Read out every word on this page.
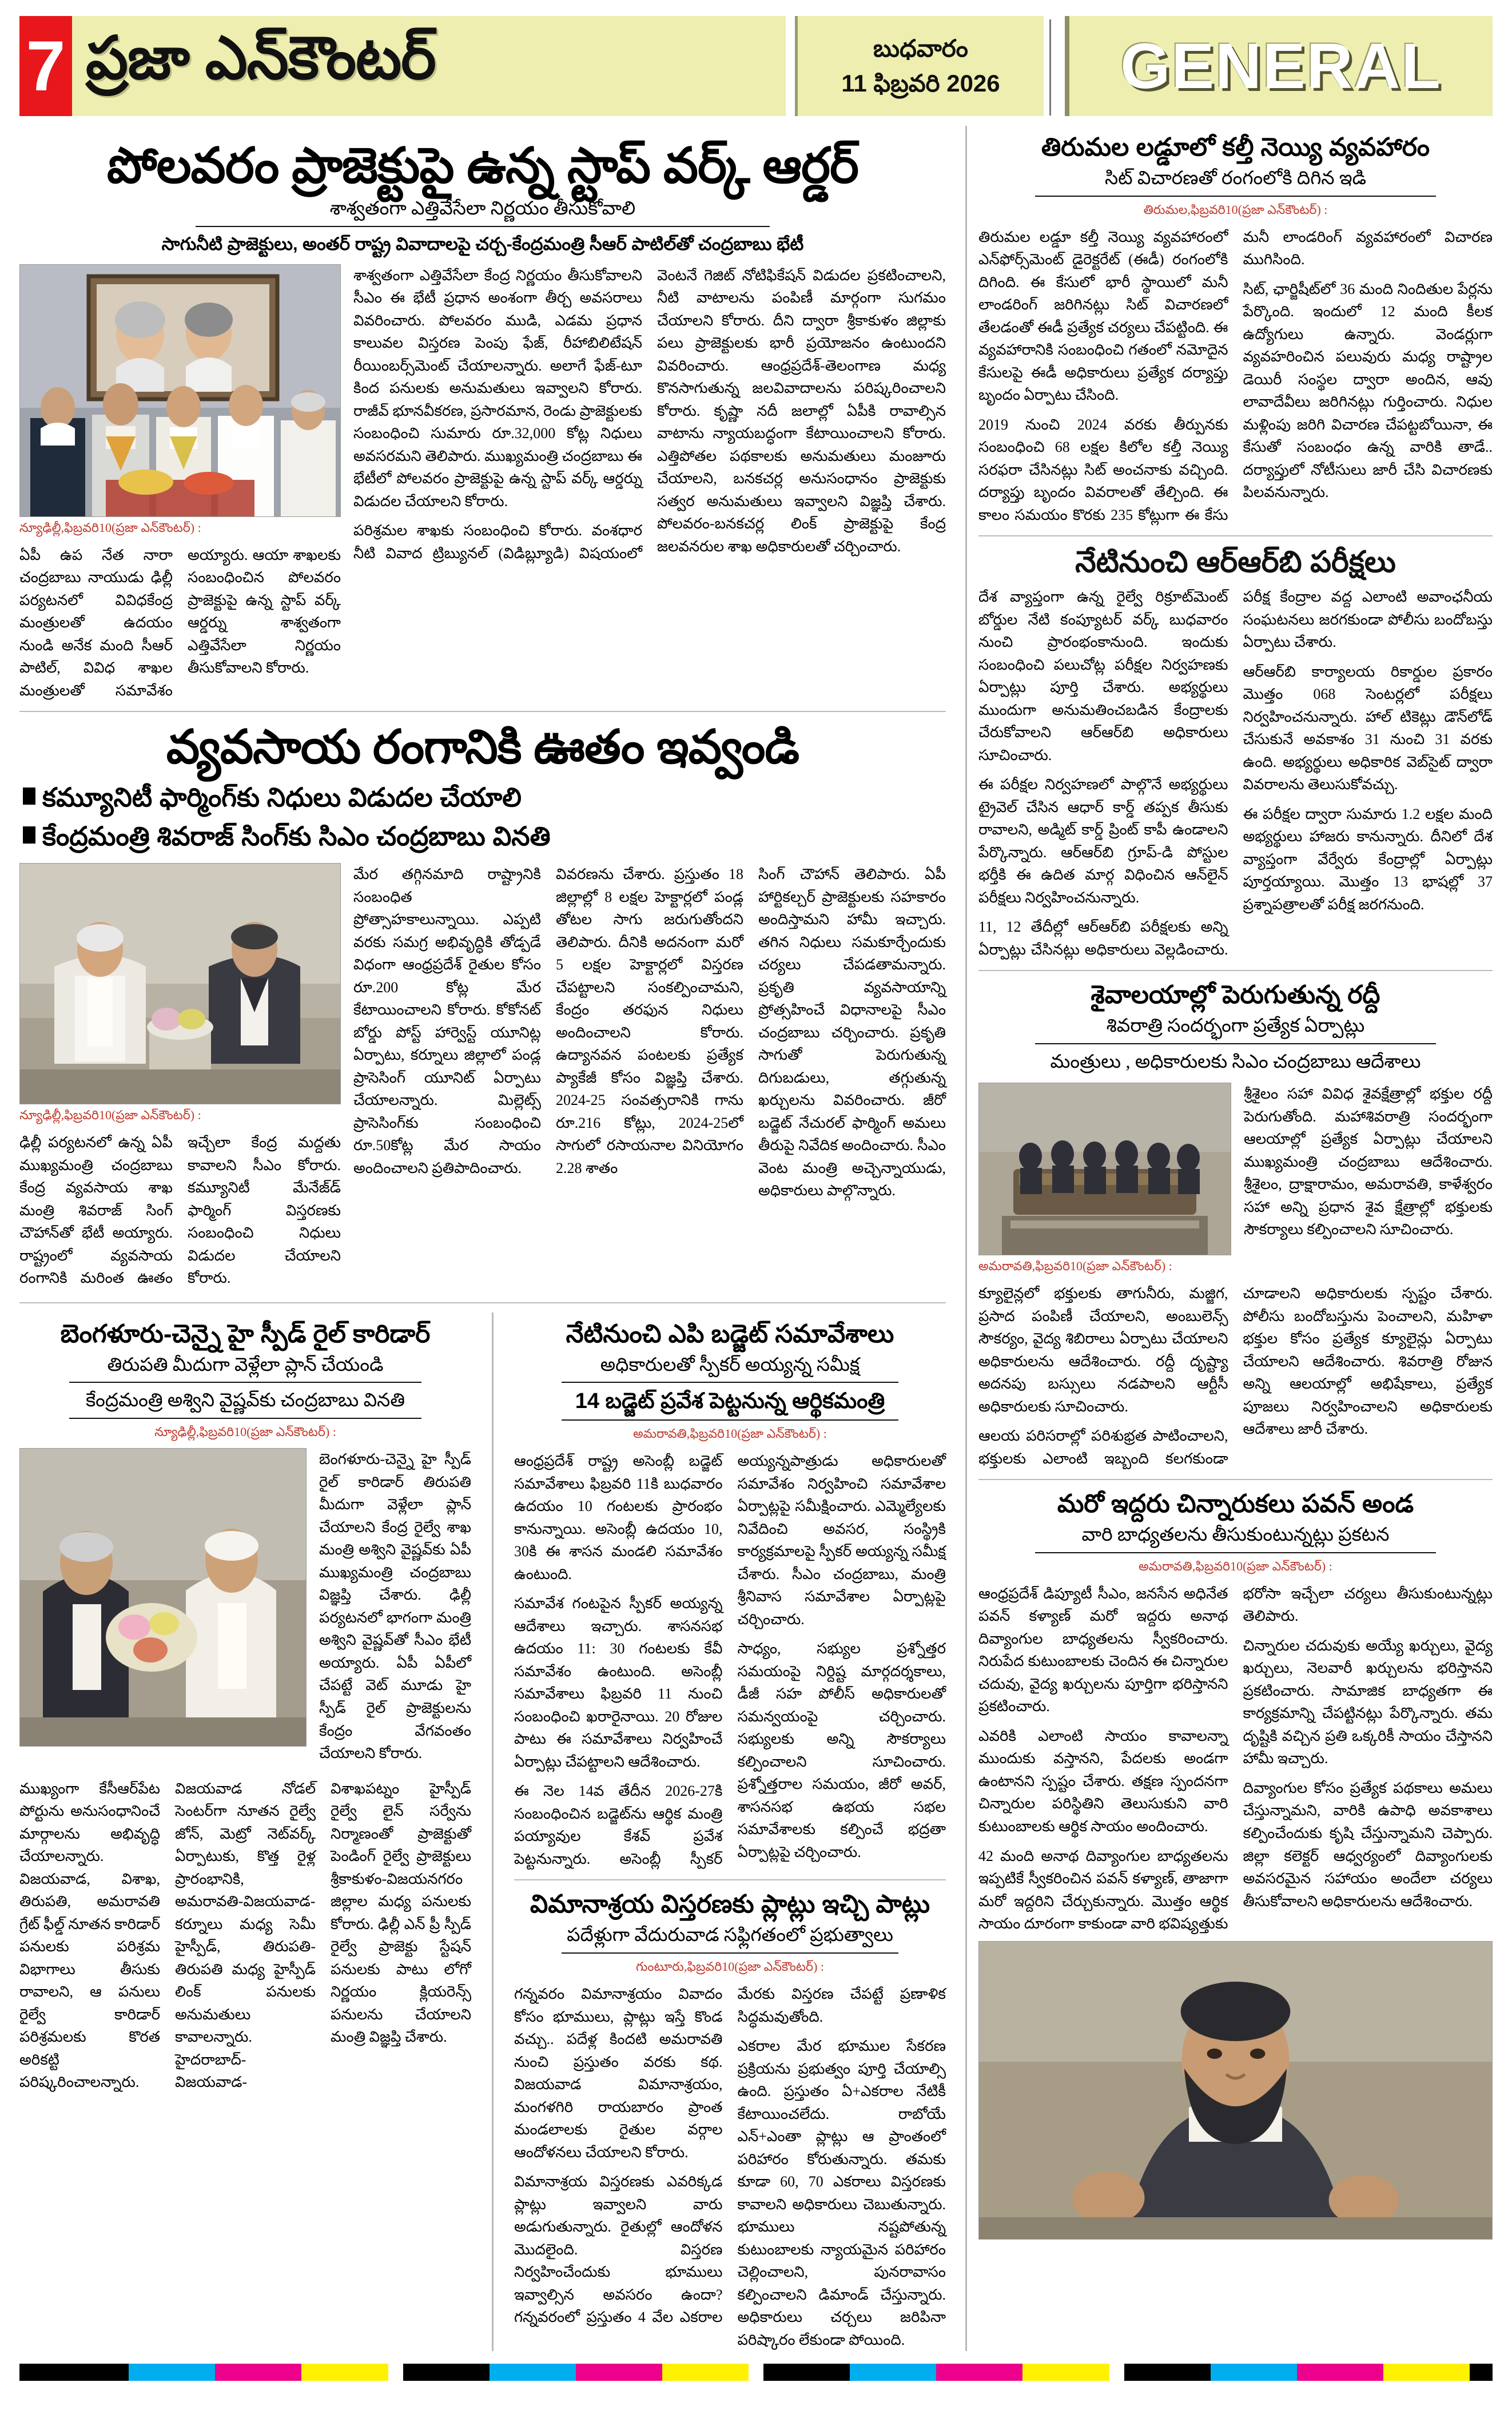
7 ప్రజా ఎన్‌కౌంటర్	బుధవారం
11 ఫిబ్రవరి 2026 GENERAL
పోలవరం ప్రాజెక్టుపై ఉన్న స్టాప్ వర్క్ ఆర్డర్
శాశ్వతంగా ఎత్తివేసేలా నిర్ణయం తీసుకోవాలి
సాగునీటి ప్రాజెక్టులు, అంతర్ రాష్ట్ర వివాదాలపై చర్చ-కేంద్రమంత్రి సీఆర్ పాటిల్‌తో చంద్రబాబు భేటీ
న్యూఢిల్లీ,ఫిబ్రవరి10(ప్రజా ఎన్‌కౌంటర్) :

ఏపీ ఉప నేత నారా చంద్రబాబు నాయుడు ఢిల్లీ పర్యటనలో వివిధకేంద్ర మంత్రులతో ఉదయం నుండి అనేక మంది సీఆర్ పాటిల్, వివిధ శాఖల మంత్రులతో సమావేశం అయ్యారు. ఆయా శాఖలకు సంబంధించిన పోలవరం ప్రాజెక్టుపై ఉన్న స్టాప్ వర్క్ ఆర్డర్ను శాశ్వతంగా ఎత్తివేసేలా నిర్ణయం తీసుకోవాలని కోరారు.

శాశ్వతంగా ఎత్తివేసేలా కేంద్ర నిర్ణయం తీసుకోవాలని సీఎం ఈ భేటీ ప్రధాన అంశంగా తీర్చ అవసరాలు వివరించారు. పోలవరం ముడి, ఎడమ ప్రధాన కాలువల విస్తరణ పెంపు ఫేజ్, రీహాబిలిటేషన్ రీయింబర్స్‌మెంట్ చేయాలన్నారు. అలాగే ఫేజ్-టూ కింద పనులకు అనుమతులు ఇవ్వాలని కోరారు. రాజీవ్ భూనవీకరణ, ప్రసారమాన, రెండు ప్రాజెక్టులకు సంబంధించి సుమారు రూ.32,000 కోట్ల నిధులు అవసరమని తెలిపారు. ముఖ్యమంత్రి చంద్రబాబు ఈ భేటీలో పోలవరం ప్రాజెక్టుపై ఉన్న స్టాప్ వర్క్ ఆర్డర్ను విడుదల చేయాలని కోరారు.

పరిశ్రమల శాఖకు సంబంధించి కోరారు. వంశధార నీటి వివాద ట్రిబ్యునల్ (విడిబ్ల్యూడి) విషయంలో వెంటనే గెజిట్ నోటిఫికేషన్ విడుదల ప్రకటించాలని, నీటి వాటాలను పంపిణీ మార్గంగా సుగమం చేయాలని కోరారు. దీని ద్వారా శ్రీకాకుళం జిల్లాకు పలు ప్రాజెక్టులకు భారీ ప్రయోజనం ఉంటుందని వివరించారు. ఆంధ్రప్రదేశ్-తెలంగాణ మధ్య కొనసాగుతున్న జలవివాదాలను పరిష్కరించాలని కోరారు. కృష్ణా నదీ జలాల్లో ఏపీకి రావాల్సిన వాటాను న్యాయబద్ధంగా కేటాయించాలని కోరారు. ఎత్తిపోతల పథకాలకు అనుమతులు మంజూరు చేయాలని, బనకచర్ల అనుసంధానం ప్రాజెక్టుకు సత్వర అనుమతులు ఇవ్వాలని విజ్ఞప్తి చేశారు. పోలవరం-బనకచర్ల లింక్ ప్రాజెక్టుపై కేంద్ర జలవనరుల శాఖ అధికారులతో చర్చించారు.

వ్యవసాయ రంగానికి ఊతం ఇవ్వండి
కమ్యూనిటీ ఫార్మింగ్‌కు నిధులు విడుదల చేయాలి
కేంద్రమంత్రి శివరాజ్ సింగ్‌కు సిఎం చంద్రబాబు వినతి
న్యూఢిల్లీ,ఫిబ్రవరి10(ప్రజా ఎన్‌కౌంటర్) :

ఢిల్లీ పర్యటనలో ఉన్న ఏపీ ముఖ్యమంత్రి చంద్రబాబు కేంద్ర వ్యవసాయ శాఖ మంత్రి శివరాజ్ సింగ్ చౌహాన్‌తో భేటీ అయ్యారు. రాష్ట్రంలో వ్యవసాయ రంగానికి మరింత ఊతం ఇచ్చేలా కేంద్ర మద్దతు కావాలని సీఎం కోరారు. కమ్యూనిటీ మేనేజ్‌డ్ ఫార్మింగ్ విస్తరణకు సంబంధించి నిధులు విడుదల చేయాలని కోరారు.

మేర తగ్గినమాది రాష్ట్రానికి సంబంధిత ప్రోత్సాహకాలున్నాయి. ఎప్పటి వరకు సమగ్ర అభివృద్ధికి తోడ్పడే విధంగా ఆంధ్రప్రదేశ్ రైతుల కోసం రూ.200 కోట్ల మేర కేటాయించాలని కోరారు. కోకోనట్ బోర్డు పోస్ట్ హార్వెస్ట్ యూనిట్ల ఏర్పాటు, కర్నూలు జిల్లాలో పండ్ల ప్రాసెసింగ్ యూనిట్ ఏర్పాటు చేయాలన్నారు. మిల్లెట్స్ ప్రాసెసింగ్‌కు సంబంధించి రూ.50కోట్ల మేర సాయం అందించాలని ప్రతిపాదించారు.

వివరణను చేశారు. ప్రస్తుతం 18 జిల్లాల్లో 8 లక్షల హెక్టార్లలో పండ్ల తోటల సాగు జరుగుతోందని తెలిపారు. దీనికి అదనంగా మరో 5 లక్షల హెక్టార్లలో విస్తరణ చేపట్టాలని సంకల్పించామని, కేంద్రం తరఫున నిధులు అందించాలని కోరారు. ఉద్యానవన పంటలకు ప్రత్యేక ప్యాకేజీ కోసం విజ్ఞప్తి చేశారు. 2024-25 సంవత్సరానికి గాను రూ.216 కోట్లు, 2024-25లో సాగులో రసాయనాల వినియోగం 2.28 శాతం

సింగ్ చౌహాన్ తెలిపారు. ఏపీ హార్టికల్చర్ ప్రాజెక్టులకు సహకారం అందిస్తామని హామీ ఇచ్చారు. తగిన నిధులు సమకూర్చేందుకు చర్యలు చేపడతామన్నారు. ప్రకృతి వ్యవసాయాన్ని ప్రోత్సహించే విధానాలపై సీఎం చంద్రబాబు చర్చించారు. ప్రకృతి సాగుతో పెరుగుతున్న దిగుబడులు, తగ్గుతున్న ఖర్చులను వివరించారు. జీరో బడ్జెట్ నేచురల్ ఫార్మింగ్ అమలు తీరుపై నివేదిక అందించారు. సీఎం వెంట మంత్రి అచ్చెన్నాయుడు, అధికారులు పాల్గొన్నారు.

బెంగళూరు-చెన్నై హై స్పీడ్ రైల్ కారిడార్
తిరుపతి మీదుగా వెళ్లేలా ప్లాన్ చేయండి
కేంద్రమంత్రి అశ్విని వైష్ణవ్‌కు చంద్రబాబు వినతి
న్యూఢిల్లీ,ఫిబ్రవరి10(ప్రజా ఎన్‌కౌంటర్) :

బెంగళూరు-చెన్నై హై స్పీడ్ రైల్ కారిడార్ తిరుపతి మీదుగా వెళ్లేలా ప్లాన్ చేయాలని కేంద్ర రైల్వే శాఖ మంత్రి అశ్విని వైష్ణవ్‌కు ఏపీ ముఖ్యమంత్రి చంద్రబాబు విజ్ఞప్తి చేశారు. ఢిల్లీ పర్యటనలో భాగంగా మంత్రి అశ్విని వైష్ణవ్‌తో సీఎం భేటీ అయ్యారు. ఏపీ ఏపీలో చేపట్టే వెట్ మూడు హై స్పీడ్ రైల్ ప్రాజెక్టులను కేంద్రం వేగవంతం చేయాలని కోరారు.

ముఖ్యంగా కేసీఆర్‌పేట పోర్టును అనుసంధానించే మార్గాలను అభివృద్ధి చేయాలన్నారు. విజయవాడ, విశాఖ, తిరుపతి, అమరావతి గ్రేట్ ఫీల్డ్ నూతన కారిడార్ పనులకు పరిశ్రమ విభాగాలు తీసుకు రావాలని, ఆ పనులు రైల్వే కారిడార్ పరిశ్రమలకు కొరత అరికట్టి పరిష్కరించాలన్నారు. విజయవాడ నోడల్ సెంటర్‌గా నూతన రైల్వే జోన్, మెట్రో నెట్‌వర్క్ ఏర్పాటుకు, కొత్త రైళ్ల ప్రారంభానికి, అమరావతి-విజయవాడ-కర్నూలు మధ్య సెమీ హైస్పీడ్, తిరుపతి-తిరుపతి మధ్య హైస్పీడ్ లింక్ పనులకు అనుమతులు కావాలన్నారు. హైదరాబాద్-విజయవాడ-విశాఖపట్నం హైస్పీడ్ రైల్వే లైన్ సర్వేను నిర్మాణంతో ప్రాజెక్టుతో పెండింగ్ రైల్వే ప్రాజెక్టులు శ్రీకాకుళం-విజయనగరం జిల్లాల మధ్య పనులకు కోరారు. ఢిల్లీ ఎన్ ప్రీ స్పీడ్ రైల్వే ప్రాజెక్టు స్టేషన్ పనులకు పాటు లోగో నిర్ణయం క్లియరెన్స్ పనులను చేయాలని మంత్రి విజ్ఞప్తి చేశారు.

నేటినుంచి ఎపి బడ్జెట్ సమావేశాలు
అధికారులతో స్పీకర్ అయ్యన్న సమీక్ష
14 బడ్జెట్ ప్రవేశ పెట్టనున్న ఆర్థికమంత్రి
అమరావతి,ఫిబ్రవరి10(ప్రజా ఎన్‌కౌంటర్) :

ఆంధ్రప్రదేశ్ రాష్ట్ర అసెంబ్లీ బడ్జెట్ సమావేశాలు ఫిబ్రవరి 11కి బుధవారం ఉదయం 10 గంటలకు ప్రారంభం కానున్నాయి. అసెంబ్లీ ఉదయం 10, 30కి ఈ శాసన మండలి సమావేశం ఉంటుంది.

సమావేశ గంటపైన స్పీకర్ అయ్యన్న ఆదేశాలు ఇచ్చారు. శాసనసభ ఉదయం 11: 30 గంటలకు కేవీ సమావేశం ఉంటుంది. అసెంబ్లీ సమావేశాలు ఫిబ్రవరి 11 నుంచి సంబంధించి ఖరారైనాయి. 20 రోజుల పాటు ఈ సమావేశాలు నిర్వహించే ఏర్పాట్లు చేపట్టాలని ఆదేశించారు.

ఈ నెల 14వ తేదీన 2026-27కి సంబంధించిన బడ్జెట్‌ను ఆర్థిక మంత్రి పయ్యావుల కేశవ్ ప్రవేశ పెట్టనున్నారు. అసెంబ్లీ స్పీకర్ అయ్యన్నపాత్రుడు అధికారులతో సమావేశం నిర్వహించి సమావేశాల ఏర్పాట్లపై సమీక్షించారు. ఎమ్మెల్యేలకు నివేదించి అవసర, సంస్థ్రికి కార్యక్రమాలపై స్పీకర్ అయ్యన్న సమీక్ష చేశారు. సీఎం చంద్రబాబు, మంత్రి శ్రీనివాస సమావేశాల ఏర్పాట్లపై చర్చించారు.

సాధ్యం, సభ్యుల ప్రశ్నోత్తర సమయంపై నిర్దిష్ట మార్గదర్శకాలు, డీజీ సహ పోలీస్ అధికారులతో సమన్వయంపై చర్చించారు. సభ్యులకు అన్ని సౌకర్యాలు కల్పించాలని సూచించారు. ప్రశ్నోత్తరాల సమయం, జీరో అవర్, శాసనసభ ఉభయ సభల సమావేశాలకు కల్పించే భద్రతా ఏర్పాట్లపై చర్చించారు.

విమానాశ్రయ విస్తరణకు ప్లాట్లు ఇచ్చి పాట్లు
పదేళ్లుగా వేదురువాడ సఫ్లిగతంలో ప్రభుత్వాలు
గుంటూరు,ఫిబ్రవరి10(ప్రజా ఎన్‌కౌంటర్) :

గన్నవరం విమానాశ్రయం వివాదం కోసం భూములు, ప్లాట్లు ఇస్తే కొండ వచ్చు.. పదేళ్ల కిందటి అమరావతి నుంచి ప్రస్తుతం వరకు కథ. విజయవాడ విమానాశ్రయం, మంగళగిరి రాయబారం ప్రాంత మండలాలకు రైతుల వర్గాల ఆందోళనలు చేయాలని కోరారు.

విమానాశ్రయ విస్తరణకు ఎవరిక్కడ ప్లాట్లు ఇవ్వాలని వారు అడుగుతున్నారు. రైతుల్లో ఆందోళన మొదలైంది. విస్తరణ నిర్వహించేందుకు భూములు ఇవ్వాల్సిన అవసరం ఉందా? గన్నవరంలో ప్రస్తుతం 4 వేల ఎకరాల మేరకు విస్తరణ చేపట్టే ప్రణాళిక సిద్ధమవుతోంది.

ఎకరాల మేర భూముల సేకరణ ప్రక్రియను ప్రభుత్వం పూర్తి చేయాల్సి ఉంది. ప్రస్తుతం ఏ+ఎకరాల నేటికీ కేటాయించలేదు. రాబోయే ఎన్+ఎంతా ప్లాట్లు ఆ ప్రాంతంలో పరిహారం కోరుతున్నారు. తమకు కూడా 60, 70 ఎకరాలు విస్తరణకు కావాలని అధికారులు చెబుతున్నారు. భూములు నష్టపోతున్న కుటుంబాలకు న్యాయమైన పరిహారం చెల్లించాలని, పునరావాసం కల్పించాలని డిమాండ్ చేస్తున్నారు. అధికారులు చర్చలు జరిపినా పరిష్కారం లేకుండా పోయింది.

తిరుమల లడ్డూలో కల్తీ నెయ్యి వ్యవహారం
సిట్ విచారణతో రంగంలోకి దిగిన ఇడి
తిరుమల,ఫిబ్రవరి10(ప్రజా ఎన్‌కౌంటర్) :

తిరుమల లడ్డూ కల్తీ నెయ్యి వ్యవహారంలో ఎన్‌ఫోర్స్‌మెంట్ డైరెక్టరేట్ (ఈడీ) రంగంలోకి దిగింది. ఈ కేసులో భారీ స్థాయిలో మనీ లాండరింగ్ జరిగినట్లు సిట్ విచారణలో తేలడంతో ఈడీ ప్రత్యేక చర్యలు చేపట్టింది. ఈ వ్యవహారానికి సంబంధించి గతంలో నమోదైన కేసులపై ఈడీ అధికారులు ప్రత్యేక దర్యాప్తు బృందం ఏర్పాటు చేసింది.

2019 నుంచి 2024 వరకు తీర్పునకు సంబంధించి 68 లక్షల కిలోల కల్తీ నెయ్యి సరఫరా చేసినట్లు సిట్ అంచనాకు వచ్చింది. దర్యాప్తు బృందం వివరాలతో తేల్చింది. ఈ కాలం సమయం కొరకు 235 కోట్లుగా ఈ కేసు మనీ లాండరింగ్ వ్యవహారంలో విచారణ ముగిసింది.

సిట్, ఛార్జిషీట్‌లో 36 మంది నిందితుల పేర్లను పేర్కొంది. ఇందులో 12 మంది కీలక ఉద్యోగులు ఉన్నారు. వెండర్లుగా వ్యవహరించిన పలువురు మధ్య రాష్ట్రాల డెయిరీ సంస్థల ద్వారా అందిన, ఆవు లావాదేవీలు జరిగినట్లు గుర్తించారు. నిధుల మళ్లింపు జరిగి విచారణ చేపట్టబోయినా, ఈ కేసుతో సంబంధం ఉన్న వారికి తాడే.. దర్యాప్తులో నోటీసులు జారీ చేసి విచారణకు పిలవనున్నారు.

నేటినుంచి ఆర్‌ఆర్‌బి పరీక్షలు

దేశ వ్యాప్తంగా ఉన్న రైల్వే రిక్రూట్‌మెంట్ బోర్డుల నేటి కంప్యూటర్ వర్క్ బుధవారం నుంచి ప్రారంభంకానుంది. ఇందుకు సంబంధించి పలుచోట్ల పరీక్షల నిర్వహణకు ఏర్పాట్లు పూర్తి చేశారు. అభ్యర్థులు ముందుగా అనుమతించబడిన కేంద్రాలకు చేరుకోవాలని ఆర్‌ఆర్‌బి అధికారులు సూచించారు.

ఈ పరీక్షల నిర్వహణలో పాల్గొనే అభ్యర్థులు ట్రైవెల్ చేసిన ఆధార్ కార్డ్ తప్పక తీసుకు రావాలని, అడ్మిట్ కార్డ్ ప్రింట్ కాపీ ఉండాలని పేర్కొన్నారు. ఆర్‌ఆర్‌బి గ్రూప్-డి పోస్టుల భర్తీకి ఈ ఉదిత మార్గ విధించిన ఆన్‌లైన్ పరీక్షలు నిర్వహించనున్నారు.

11, 12 తేదీల్లో ఆర్‌ఆర్‌బి పరీక్షలకు అన్ని ఏర్పాట్లు చేసినట్లు అధికారులు వెల్లడించారు. పరీక్ష కేంద్రాల వద్ద ఎలాంటి అవాంఛనీయ సంఘటనలు జరగకుండా పోలీసు బందోబస్తు ఏర్పాటు చేశారు.

ఆర్‌ఆర్‌బి కార్యాలయ రికార్డుల ప్రకారం మొత్తం 068 సెంటర్లలో పరీక్షలు నిర్వహించనున్నారు. హాల్ టికెట్లు డౌన్‌లోడ్ చేసుకునే అవకాశం 31 నుంచి 31 వరకు ఉంది. అభ్యర్థులు అధికారిక వెబ్‌సైట్ ద్వారా వివరాలను తెలుసుకోవచ్చు.

ఈ పరీక్షల ద్వారా సుమారు 1.2 లక్షల మంది అభ్యర్థులు హాజరు కానున్నారు. దీనిలో దేశ వ్యాప్తంగా వేర్వేరు కేంద్రాల్లో ఏర్పాట్లు పూర్తయ్యాయి. మొత్తం 13 భాషల్లో 37 ప్రశ్నాపత్రాలతో పరీక్ష జరగనుంది.

శైవాలయాల్లో పెరుగుతున్న రద్దీ
శివరాత్రి సందర్భంగా ప్రత్యేక ఏర్పాట్లు
మంత్రులు , అధికారులకు సిఎం చంద్రబాబు ఆదేశాలు
అమరావతి,ఫిబ్రవరి10(ప్రజా ఎన్‌కౌంటర్) :

శ్రీశైలం సహా వివిధ శైవక్షేత్రాల్లో భక్తుల రద్దీ పెరుగుతోంది. మహాశివరాత్రి సందర్భంగా ఆలయాల్లో ప్రత్యేక ఏర్పాట్లు చేయాలని ముఖ్యమంత్రి చంద్రబాబు ఆదేశించారు. శ్రీశైలం, ద్రాక్షారామం, అమరావతి, కాళేశ్వరం సహా అన్ని ప్రధాన శైవ క్షేత్రాల్లో భక్తులకు సౌకర్యాలు కల్పించాలని సూచించారు.

క్యూలైన్లలో భక్తులకు తాగునీరు, మజ్జిగ, ప్రసాద పంపిణీ చేయాలని, అంబులెన్స్ సౌకర్యం, వైద్య శిబిరాలు ఏర్పాటు చేయాలని అధికారులను ఆదేశించారు. రద్దీ దృష్ట్యా అదనపు బస్సులు నడపాలని ఆర్టీసీ అధికారులకు సూచించారు.

ఆలయ పరిసరాల్లో పరిశుభ్రత పాటించాలని, భక్తులకు ఎలాంటి ఇబ్బంది కలగకుండా చూడాలని అధికారులకు స్పష్టం చేశారు. పోలీసు బందోబస్తును పెంచాలని, మహిళా భక్తుల కోసం ప్రత్యేక క్యూలైన్లు ఏర్పాటు చేయాలని ఆదేశించారు. శివరాత్రి రోజున అన్ని ఆలయాల్లో అభిషేకాలు, ప్రత్యేక పూజలు నిర్వహించాలని అధికారులకు ఆదేశాలు జారీ చేశారు.

మరో ఇద్దరు చిన్నారుకలు పవన్ అండ
వారి బాధ్యతలను తీసుకుంటున్నట్లు ప్రకటన
అమరావతి,ఫిబ్రవరి10(ప్రజా ఎన్‌కౌంటర్) :

ఆంధ్రప్రదేశ్ డిప్యూటీ సీఎం, జనసేన అధినేత పవన్ కళ్యాణ్ మరో ఇద్దరు అనాథ దివ్యాంగుల బాధ్యతలను స్వీకరించారు. నిరుపేద కుటుంబాలకు చెందిన ఈ చిన్నారుల చదువు, వైద్య ఖర్చులను పూర్తిగా భరిస్తానని ప్రకటించారు.

ఎవరికి ఎలాంటి సాయం కావాలన్నా ముందుకు వస్తానని, పేదలకు అండగా ఉంటానని స్పష్టం చేశారు. తక్షణ స్పందనగా చిన్నారుల పరిస్థితిని తెలుసుకుని వారి కుటుంబాలకు ఆర్థిక సాయం అందించారు.

42 మంది అనాథ దివ్యాంగుల బాధ్యతలను ఇప్పటికే స్వీకరించిన పవన్ కళ్యాణ్, తాజాగా మరో ఇద్దరిని చేర్చుకున్నారు. మొత్తం ఆర్థిక సాయం దూరంగా కాకుండా వారి భవిష్యత్తుకు భరోసా ఇచ్చేలా చర్యలు తీసుకుంటున్నట్లు తెలిపారు.

చిన్నారుల చదువుకు అయ్యే ఖర్చులు, వైద్య ఖర్చులు, నెలవారీ ఖర్చులను భరిస్తానని ప్రకటించారు. సామాజిక బాధ్యతగా ఈ కార్యక్రమాన్ని చేపట్టినట్లు పేర్కొన్నారు. తమ దృష్టికి వచ్చిన ప్రతి ఒక్కరికీ సాయం చేస్తానని హామీ ఇచ్చారు.

దివ్యాంగుల కోసం ప్రత్యేక పథకాలు అమలు చేస్తున్నామని, వారికి ఉపాధి అవకాశాలు కల్పించేందుకు కృషి చేస్తున్నామని చెప్పారు. జిల్లా కలెక్టర్ ఆధ్వర్యంలో దివ్యాంగులకు అవసరమైన సహాయం అందేలా చర్యలు తీసుకోవాలని అధికారులను ఆదేశించారు.
